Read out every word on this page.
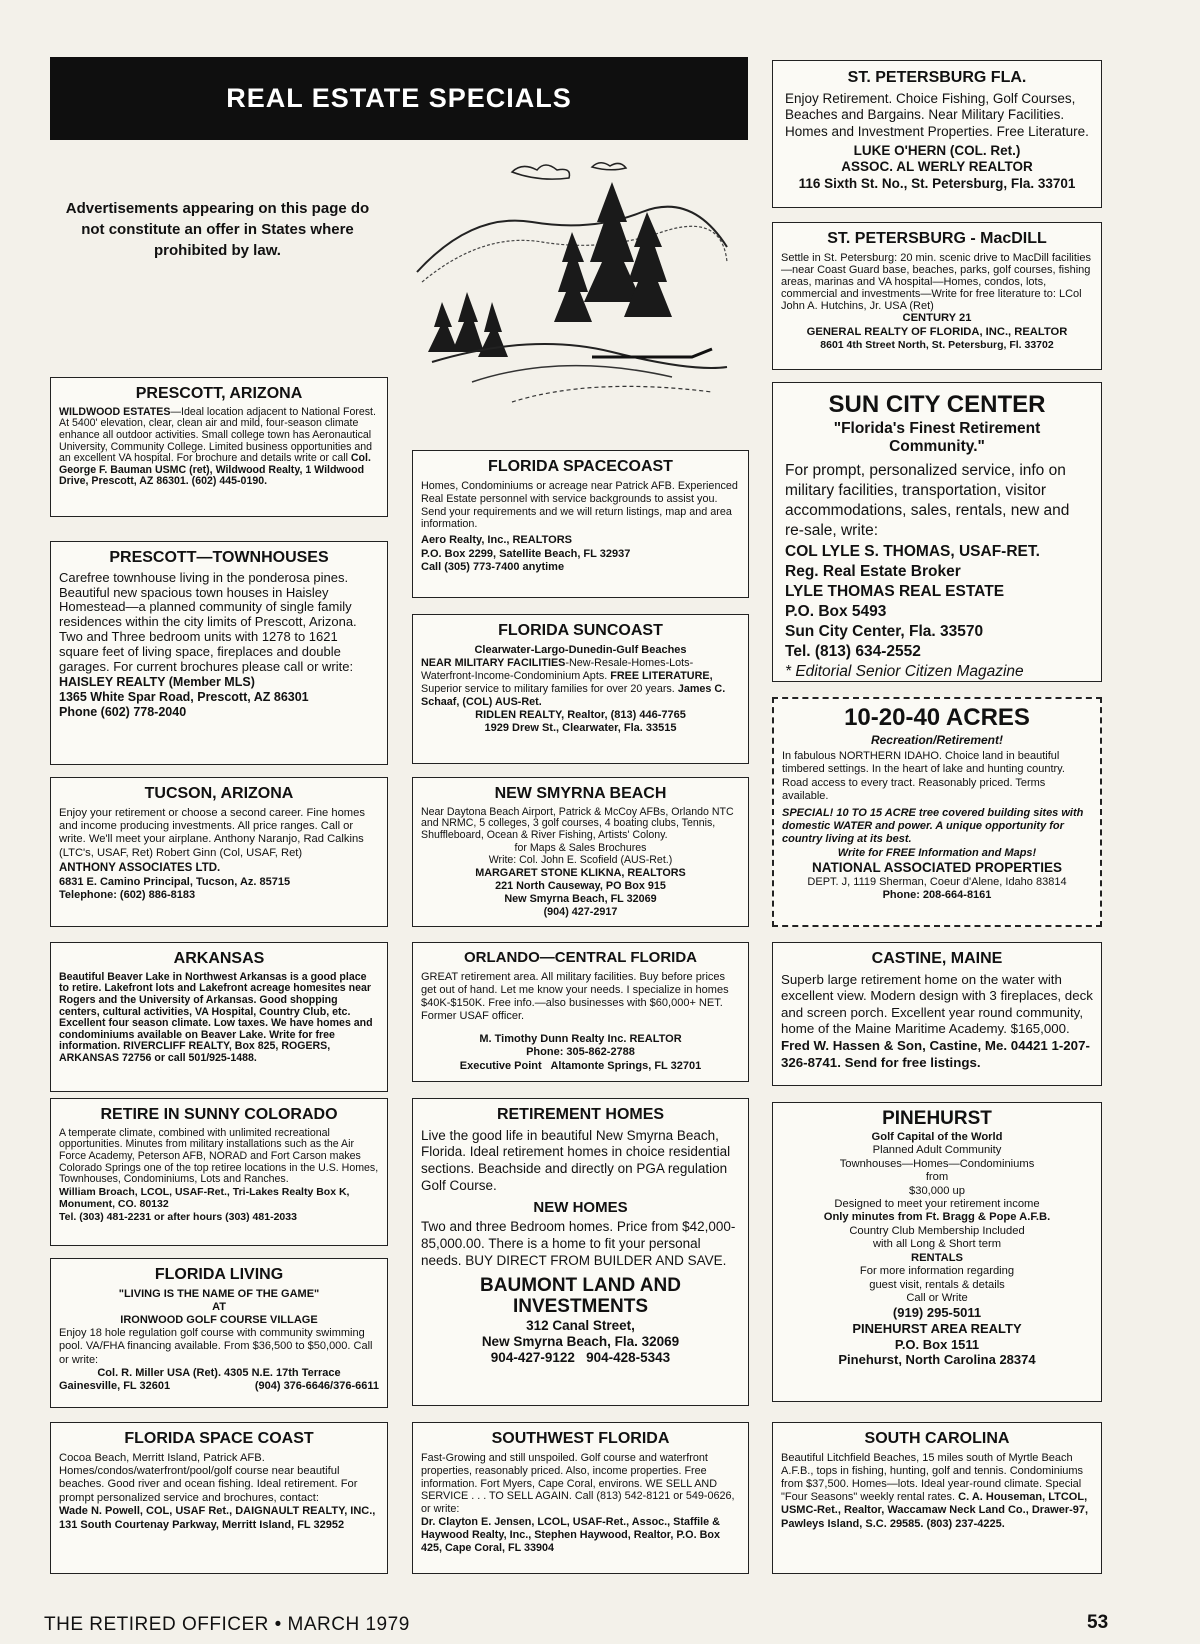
REAL ESTATE SPECIALS
Advertisements appearing on this page do not constitute an offer in States where prohibited by law.
ST. PETERSBURG FLA.

Enjoy Retirement. Choice Fishing, Golf Courses, Beaches and Bargains. Near Military Facilities. Homes and Investment Properties. Free Literature.

LUKE O'HERN (COL. Ret.)
ASSOC. AL WERLY REALTOR
116 Sixth St. No., St. Petersburg, Fla. 33701
ST. PETERSBURG - MacDILL

Settle in St. Petersburg: 20 min. scenic drive to MacDill facilities—near Coast Guard base, beaches, parks, golf courses, fishing areas, marinas and VA hospital—Homes, condos, lots, commercial and investments—Write for free literature to: LCol John A. Hutchins, Jr. USA (Ret)

CENTURY 21
GENERAL REALTY OF FLORIDA, INC., REALTOR
8601 4th Street North, St. Petersburg, Fl. 33702
SUN CITY CENTER
"Florida's Finest Retirement Community."

For prompt, personalized service, info on military facilities, transportation, visitor accommodations, sales, rentals, new and re-sale, write:

COL LYLE S. THOMAS, USAF-RET.
Reg. Real Estate Broker
LYLE THOMAS REAL ESTATE
P.O. Box 5493
Sun City Center, Fla. 33570
Tel. (813) 634-2552
* Editorial Senior Citizen Magazine
10-20-40 ACRES
Recreation/Retirement!

In fabulous NORTHERN IDAHO. Choice land in beautiful timbered settings. In the heart of lake and hunting country. Road access to every tract. Reasonably priced. Terms available.

SPECIAL! 10 TO 15 ACRE tree covered building sites with domestic WATER and power. A unique opportunity for country living at its best.

Write for FREE Information and Maps!
NATIONAL ASSOCIATED PROPERTIES
DEPT. J, 1119 Sherman, Coeur d'Alene, Idaho 83814
Phone: 208-664-8161
CASTINE, MAINE

Superb large retirement home on the water with excellent view. Modern design with 3 fireplaces, deck and screen porch. Excellent year round community, home of the Maine Maritime Academy. $165,000.

Fred W. Hassen & Son, Castine, Me. 04421 1-207-326-8741. Send for free listings.

PINEHURST
Golf Capital of the World
Planned Adult Community
Townhouses—Homes—Condominiums
from
$30,000 up
Designed to meet your retirement income
Only minutes from Ft. Bragg & Pope A.F.B.
Country Club Membership Included
with all Long & Short term
RENTALS
For more information regarding
guest visit, rentals & details
Call or Write
(919) 295-5011
PINEHURST AREA REALTY
P.O. Box 1511
Pinehurst, North Carolina 28374
SOUTH CAROLINA

Beautiful Litchfield Beaches, 15 miles south of Myrtle Beach A.F.B., tops in fishing, hunting, golf and tennis. Condominiums from $37,500. Homes—lots. Ideal year-round climate. Special "Four Seasons" weekly rental rates. C. A. Houseman, LTCOL, USMC-Ret., Realtor, Waccamaw Neck Land Co., Drawer-97, Pawleys Island, S.C. 29585. (803) 237-4225.

PRESCOTT, ARIZONA

WILDWOOD ESTATES—Ideal location adjacent to National Forest. At 5400' elevation, clear, clean air and mild, four-season climate enhance all outdoor activities. Small college town has Aeronautical University, Community College. Limited business opportunities and an excellent VA hospital. For brochure and details write or call Col. George F. Bauman USMC (ret), Wildwood Realty, 1 Wildwood Drive, Prescott, AZ 86301. (602) 445-0190.

PRESCOTT—TOWNHOUSES

Carefree townhouse living in the ponderosa pines. Beautiful new spacious town houses in Haisley Homestead—a planned community of single family residences within the city limits of Prescott, Arizona. Two and Three bedroom units with 1278 to 1621 square feet of living space, fireplaces and double garages. For current brochures please call or write:

HAISLEY REALTY (Member MLS)
1365 White Spar Road, Prescott, AZ 86301
Phone (602) 778-2040
TUCSON, ARIZONA

Enjoy your retirement or choose a second career. Fine homes and income producing investments. All price ranges. Call or write. We'll meet your airplane. Anthony Naranjo, Rad Calkins (LTC's, USAF, Ret) Robert Ginn (Col, USAF, Ret)

ANTHONY ASSOCIATES LTD.
6831 E. Camino Principal, Tucson, Az. 85715
Telephone: (602) 886-8183
ARKANSAS

Beautiful Beaver Lake in Northwest Arkansas is a good place to retire. Lakefront lots and Lakefront acreage homesites near Rogers and the University of Arkansas. Good shopping centers, cultural activities, VA Hospital, Country Club, etc. Excellent four season climate. Low taxes. We have homes and condominiums available on Beaver Lake. Write for free information. RIVERCLIFF REALTY, Box 825, ROGERS, ARKANSAS 72756 or call 501/925-1488.

RETIRE IN SUNNY COLORADO

A temperate climate, combined with unlimited recreational opportunities. Minutes from military installations such as the Air Force Academy, Peterson AFB, NORAD and Fort Carson makes Colorado Springs one of the top retiree locations in the U.S. Homes, Townhouses, Condominiums, Lots and Ranches.

William Broach, LCOL, USAF-Ret., Tri-Lakes Realty Box K, Monument, CO. 80132
Tel. (303) 481-2231 or after hours (303) 481-2033
FLORIDA LIVING
"LIVING IS THE NAME OF THE GAME"
AT
IRONWOOD GOLF COURSE VILLAGE

Enjoy 18 hole regulation golf course with community swimming pool. VA/FHA financing available. From $36,500 to $50,000. Call or write:

Col. R. Miller USA (Ret). 4305 N.E. 17th Terrace
Gainesville, FL 32601	(904) 376-6646/376-6611
FLORIDA SPACE COAST

Cocoa Beach, Merritt Island, Patrick AFB. Homes/condos/waterfront/pool/golf course near beautiful beaches. Good river and ocean fishing. Ideal retirement. For prompt personalized service and brochures, contact:

Wade N. Powell, COL, USAF Ret., DAIGNAULT REALTY, INC., 131 South Courtenay Parkway, Merritt Island, FL 32952

FLORIDA SPACECOAST

Homes, Condominiums or acreage near Patrick AFB. Experienced Real Estate personnel with service backgrounds to assist you. Send your requirements and we will return listings, map and area information.

Aero Realty, Inc., REALTORS
P.O. Box 2299, Satellite Beach, FL 32937
Call (305) 773-7400 anytime
FLORIDA SUNCOAST
Clearwater-Largo-Dunedin-Gulf Beaches

NEAR MILITARY FACILITIES-New-Resale-Homes-Lots-Waterfront-Income-Condominium Apts. FREE LITERATURE, Superior service to military families for over 20 years. James C. Schaaf, (COL) AUS-Ret.

RIDLEN REALTY, Realtor, (813) 446-7765
1929 Drew St., Clearwater, Fla. 33515
NEW SMYRNA BEACH

Near Daytona Beach Airport, Patrick & McCoy AFBs, Orlando NTC and NRMC, 5 colleges, 3 golf courses, 4 boating clubs, Tennis, Shuffleboard, Ocean & River Fishing, Artists' Colony.

for Maps & Sales Brochures
Write: Col. John E. Scofield (AUS-Ret.)
MARGARET STONE KLIKNA, REALTORS
221 North Causeway, PO Box 915
New Smyrna Beach, FL 32069
(904) 427-2917
ORLANDO—CENTRAL FLORIDA

GREAT retirement area. All military facilities. Buy before prices get out of hand. Let me know your needs. I specialize in homes $40K-$150K. Free info.—also businesses with $60,000+ NET. Former USAF officer.

M. Timothy Dunn Realty Inc. REALTOR
Phone: 305-862-2788
Executive Point   Altamonte Springs, FL 32701
RETIREMENT HOMES

Live the good life in beautiful New Smyrna Beach, Florida. Ideal retirement homes in choice residential sections. Beachside and directly on PGA regulation Golf Course.

NEW HOMES

Two and three Bedroom homes. Price from $42,000-85,000.00. There is a home to fit your personal needs. BUY DIRECT FROM BUILDER AND SAVE.

BAUMONT LAND AND INVESTMENTS
312 Canal Street,
New Smyrna Beach, Fla. 32069
904-427-9122   904-428-5343
SOUTHWEST FLORIDA

Fast-Growing and still unspoiled. Golf course and waterfront properties, reasonably priced. Also, income properties. Free information. Fort Myers, Cape Coral, environs. WE SELL AND SERVICE . . . TO SELL AGAIN. Call (813) 542-8121 or 549-0626, or write:

Dr. Clayton E. Jensen, LCOL, USAF-Ret., Assoc., Staffile & Haywood Realty, Inc., Stephen Haywood, Realtor, P.O. Box 425, Cape Coral, FL 33904

THE RETIRED OFFICER • MARCH 1979	53
